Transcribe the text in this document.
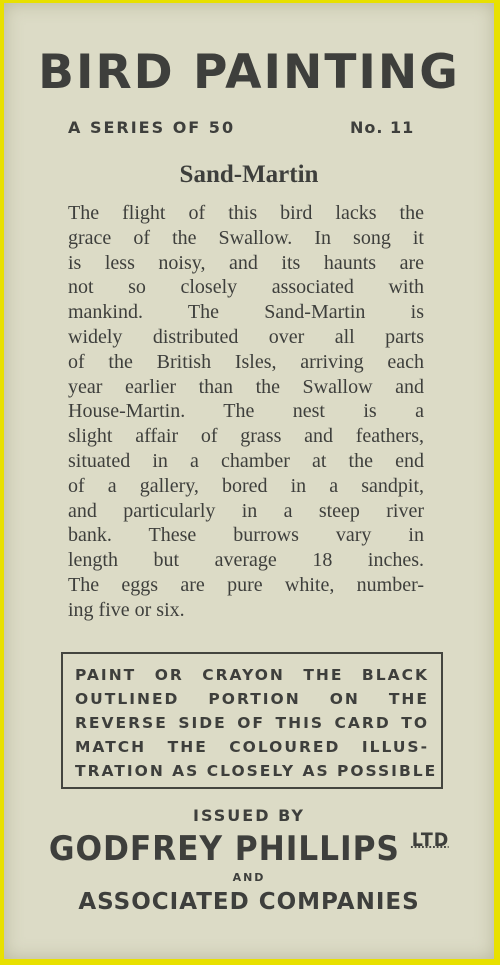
BIRD PAINTING
A SERIES OF 50	No. 11
Sand-Martin
The flight of this bird lacks the
grace of the Swallow. In song it
is less noisy, and its haunts are
not so closely associated with
mankind. The Sand-Martin is
widely distributed over all parts
of the British Isles, arriving each
year earlier than the Swallow and
House-Martin. The nest is a
slight affair of grass and feathers,
situated in a chamber at the end
of a gallery, bored in a sandpit,
and particularly in a steep river
bank. These burrows vary in
length but average 18 inches.
The eggs are pure white, number-
ing five or six.
PAINT OR CRAYON THE BLACK
OUTLINED PORTION ON THE
REVERSE SIDE OF THIS CARD TO
MATCH THE COLOURED ILLUS-
TRATION AS CLOSELY AS POSSIBLE
ISSUED BY
GODFREY PHILLIPS $^{LTD}$
AND
ASSOCIATED COMPANIES
